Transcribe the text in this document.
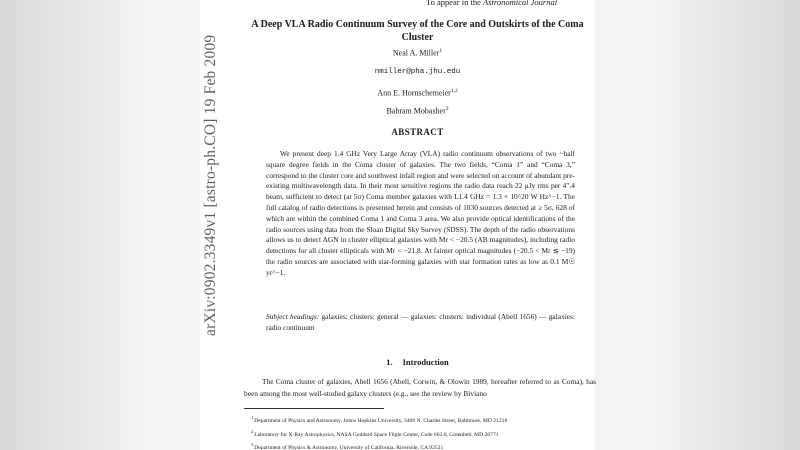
arXiv:0902.3349v1 [astro-ph.CO] 19 Feb 2009
To appear in the Astronomical Journal
A Deep VLA Radio Continuum Survey of the Core and Outskirts of the Coma Cluster
Neal A. Miller$^1$
nmiller@pha.jhu.edu
Ann E. Hornschemeier$^{1,2}$
Bahram Mobasher$^3$
ABSTRACT

We present deep 1.4 GHz Very Large Array (VLA) radio continuum observations of two ~half square degree fields in the Coma cluster of galaxies. The two fields, “Coma 1” and “Coma 3,” correspond to the cluster core and southwest infall region and were selected on account of abundant pre-existing multiwavelength data. In their most sensitive regions the radio data reach 22 μJy rms per 4″.4 beam, sufficient to detect (at 5σ) Coma member galaxies with L1.4 GHz = 1.3 × 10^20 W Hz^−1. The full catalog of radio detections is presented herein and consists of 1030 sources detected at ≥ 5σ, 628 of which are within the combined Coma 1 and Coma 3 area. We also provide optical identifications of the radio sources using data from the Sloan Digital Sky Survey (SDSS). The depth of the radio observations allows us to detect AGN in cluster elliptical galaxies with Mr < −20.5 (AB magnitudes), including radio detections for all cluster ellipticals with Mr < −21.8. At fainter optical magnitudes (−20.5 < Mr ≲ −19) the radio sources are associated with star-forming galaxies with star formation rates as low as 0.1 M☉ yr^−1.

Subject headings: galaxies: clusters: general — galaxies: clusters: individual (Abell 1656) — galaxies: radio continuum

1. Introduction

The Coma cluster of galaxies, Abell 1656 (Abell, Corwin, & Olowin 1989, hereafter referred to as Coma), has been among the most well-studied galaxy clusters (e.g., see the review by Biviano

$^1$Department of Physics and Astronomy, Johns Hopkins University, 3400 N. Charles Street, Baltimore, MD 21218
$^2$Laboratory for X-Ray Astrophysics, NASA Goddard Space Flight Center, Code 662.0, Greenbelt, MD 20771
$^3$Department of Physics & Astronomy, University of California, Riverside, CA 92521
